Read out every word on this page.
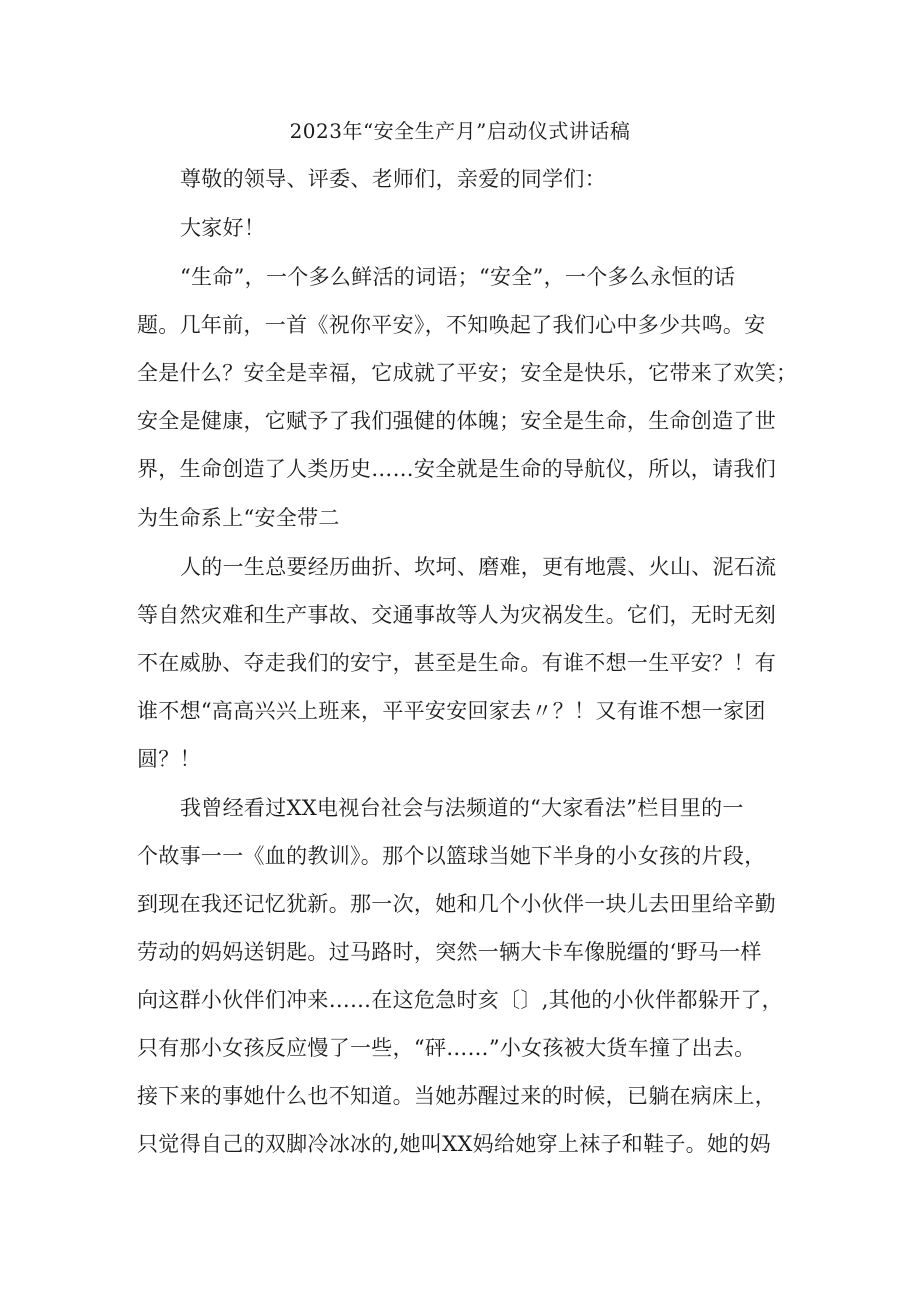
2023年“安全生产月”启动仪式讲话稿
尊敬的领导、评委、老师们，亲爱的同学们：
大家好！
“生命”，一个多么鲜活的词语；“安全”，一个多么永恒的话
题。几年前，一首《祝你平安》，不知唤起了我们心中多少共鸣。安
全是什么？安全是幸福，它成就了平安；安全是快乐，它带来了欢笑；
安全是健康，它赋予了我们强健的体魄；安全是生命，生命创造了世
界，生命创造了人类历史……安全就是生命的导航仪，所以，请我们
为生命系上“安全带二
人的一生总要经历曲折、坎坷、磨难，更有地震、火山、泥石流
等自然灾难和生产事故、交通事故等人为灾祸发生。它们，无时无刻
不在威胁、夺走我们的安宁，甚至是生命。有谁不想一生平安？！有
谁不想“高高兴兴上班来，平平安安回家去〃？！又有谁不想一家团
圆？！
我曾经看过XX电视台社会与法频道的“大家看法”栏目里的一
个故事一一《血的教训》。那个以篮球当她下半身的小女孩的片段，
到现在我还记忆犹新。那一次，她和几个小伙伴一块儿去田里给辛勤
劳动的妈妈送钥匙。过马路时，突然一辆大卡车像脱缰的‘野马一样
向这群小伙伴们冲来……在这危急时亥〔〕,其他的小伙伴都躲开了，
只有那小女孩反应慢了一些，“砰……”小女孩被大货车撞了出去。
接下来的事她什么也不知道。当她苏醒过来的时候，已躺在病床上，
只觉得自己的双脚冷冰冰的,她叫XX妈给她穿上袜子和鞋子。她的妈
